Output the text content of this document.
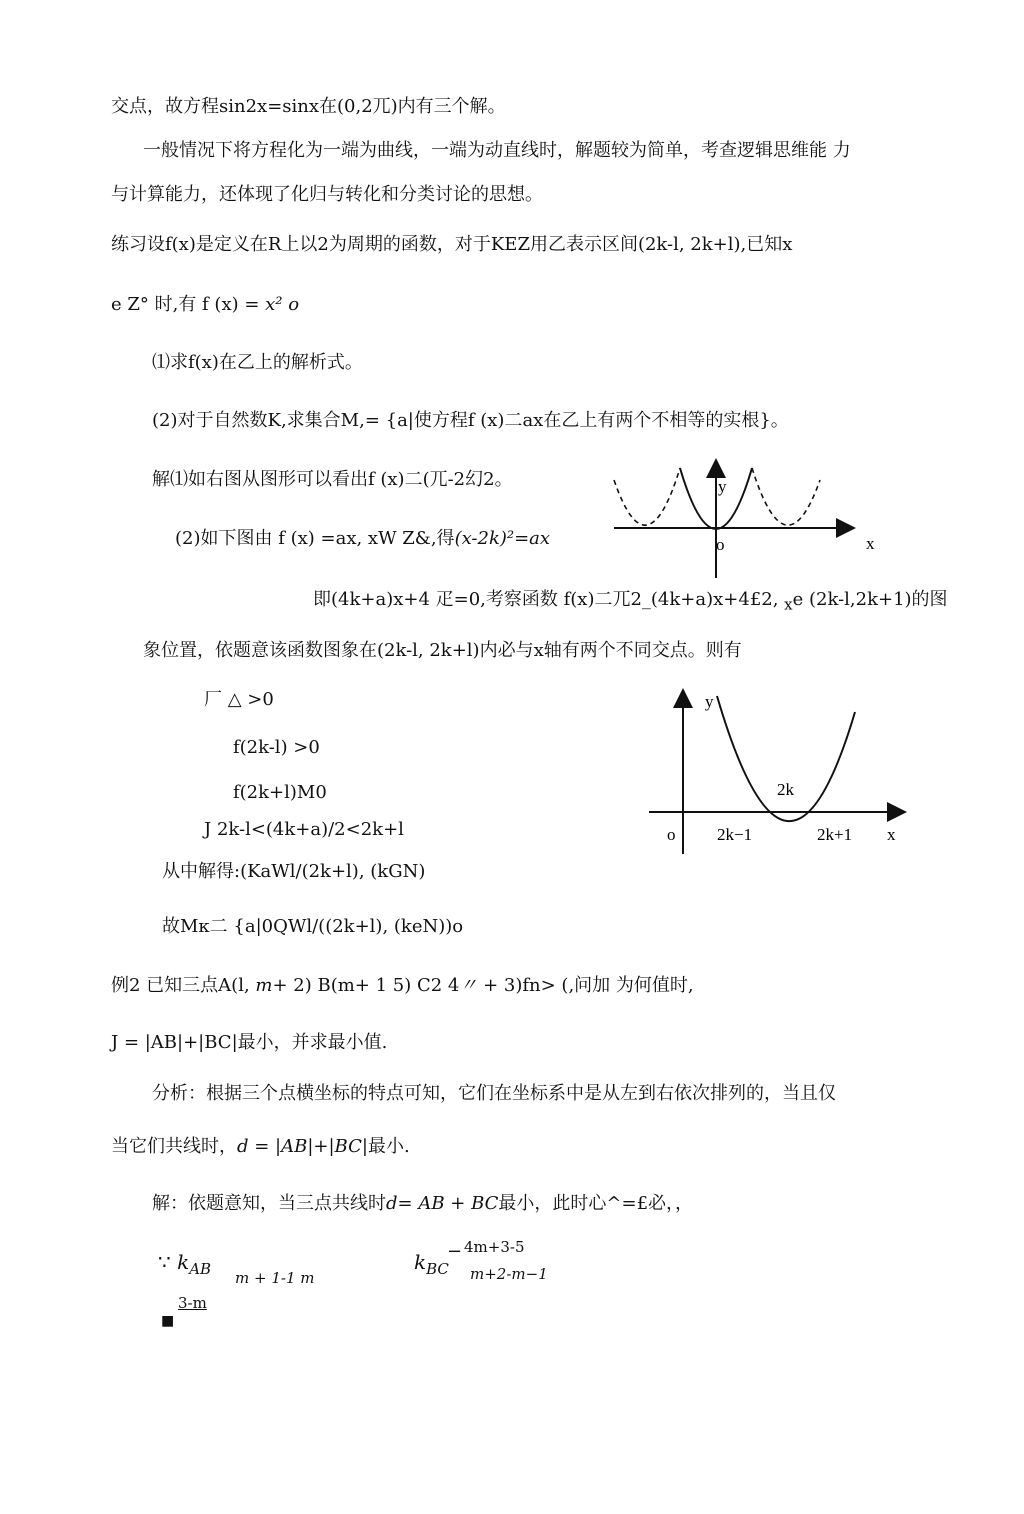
交点，故方程sin2x=sinx在(0,2兀)内有三个解。
一般情况下将方程化为一端为曲线，一端为动直线时，解题较为简单，考查逻辑思维能 力
与计算能力，还体现了化归与转化和分类讨论的思想。
练习设f(x)是定义在R上以2为周期的函数，对于KEZ用乙表示区间(2k-l, 2k+l),已知x
e Z° 时,有 f (x) = x² o
⑴求f(x)在乙上的解析式。
(2)对于自然数K,求集合M,= {a|使方程f (x)二ax在乙上有两个不相等的实根}。
解⑴如右图从图形可以看出f (x)二(兀-2幻2。
(2)如下图由 f (x) =ax, xW Z&,得(x-2k)²=ax
即(4k+a)x+4 疋=0,考察函数 f(x)二兀2_(4k+a)x+4£2, $_x$e (2k-l,2k+1)的图
象位置，依题意该函数图象在(2k-l, 2k+l)内必与x轴有两个不同交点。则有
厂 △ >0
f(2k-l) >0
f(2k+l)M0
J 2k-l<(4k+a)/2<2k+l
从中解得:(KaWl/(2k+l), (kGN)
故Mκ二 {a|0QWl/((2k+l), (keN))o
例2 已知三点A(l, m+ 2) B(m+ 1 5) C2 4〃 + 3)fn> (,问加 为何值时,
J = |AB|+|BC|最小，并求最小值.
分析：根据三个点横坐标的特点可知，它们在坐标系中是从左到右依次排列的，当且仅
当它们共线时，d = |AB|+|BC|最小.
解：依题意知，当三点共线时d= AB + BC最小，此时心^=£必，，
∵ $k_{AB}$ m + 1-1 m
$k_{BC}$
− 4m+3-5
m+2-m−1
3-m
■
y
x
o
y
x
o 2k−1	2k+1
2k
